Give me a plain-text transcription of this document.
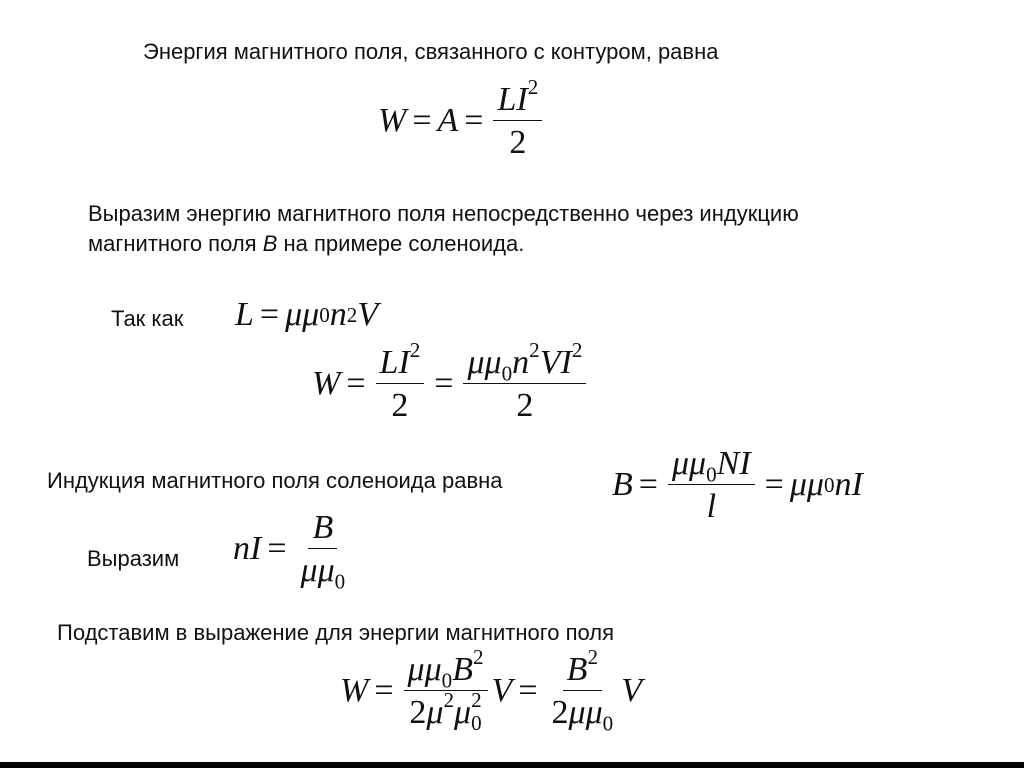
Энергия магнитного поля, связанного с контуром, равна
Выразим энергию магнитного поля непосредственно через индукцию
магнитного поля B на примере соленоида.
Так как
Индукция магнитного поля соленоида равна
Выразим
Подставим в выражение для энергии магнитного поля
$W = A = \frac{LI^2}{2}$
L = μμ 0 n 2 V
$W = \frac{LI^2}{2} = \frac{\mu\mu_0n^2VI^2}{2}$
$B = \frac{\mu\mu_0NI}{l} = \mu\mu$ 0 nI
nI = $\frac{B}{\mu\mu_0}$
$W = \frac{\mu\mu_0B^2}{2\mu^2\mu^2_0}$ $V = \frac{B^2}{2\mu\mu_0}$ V
